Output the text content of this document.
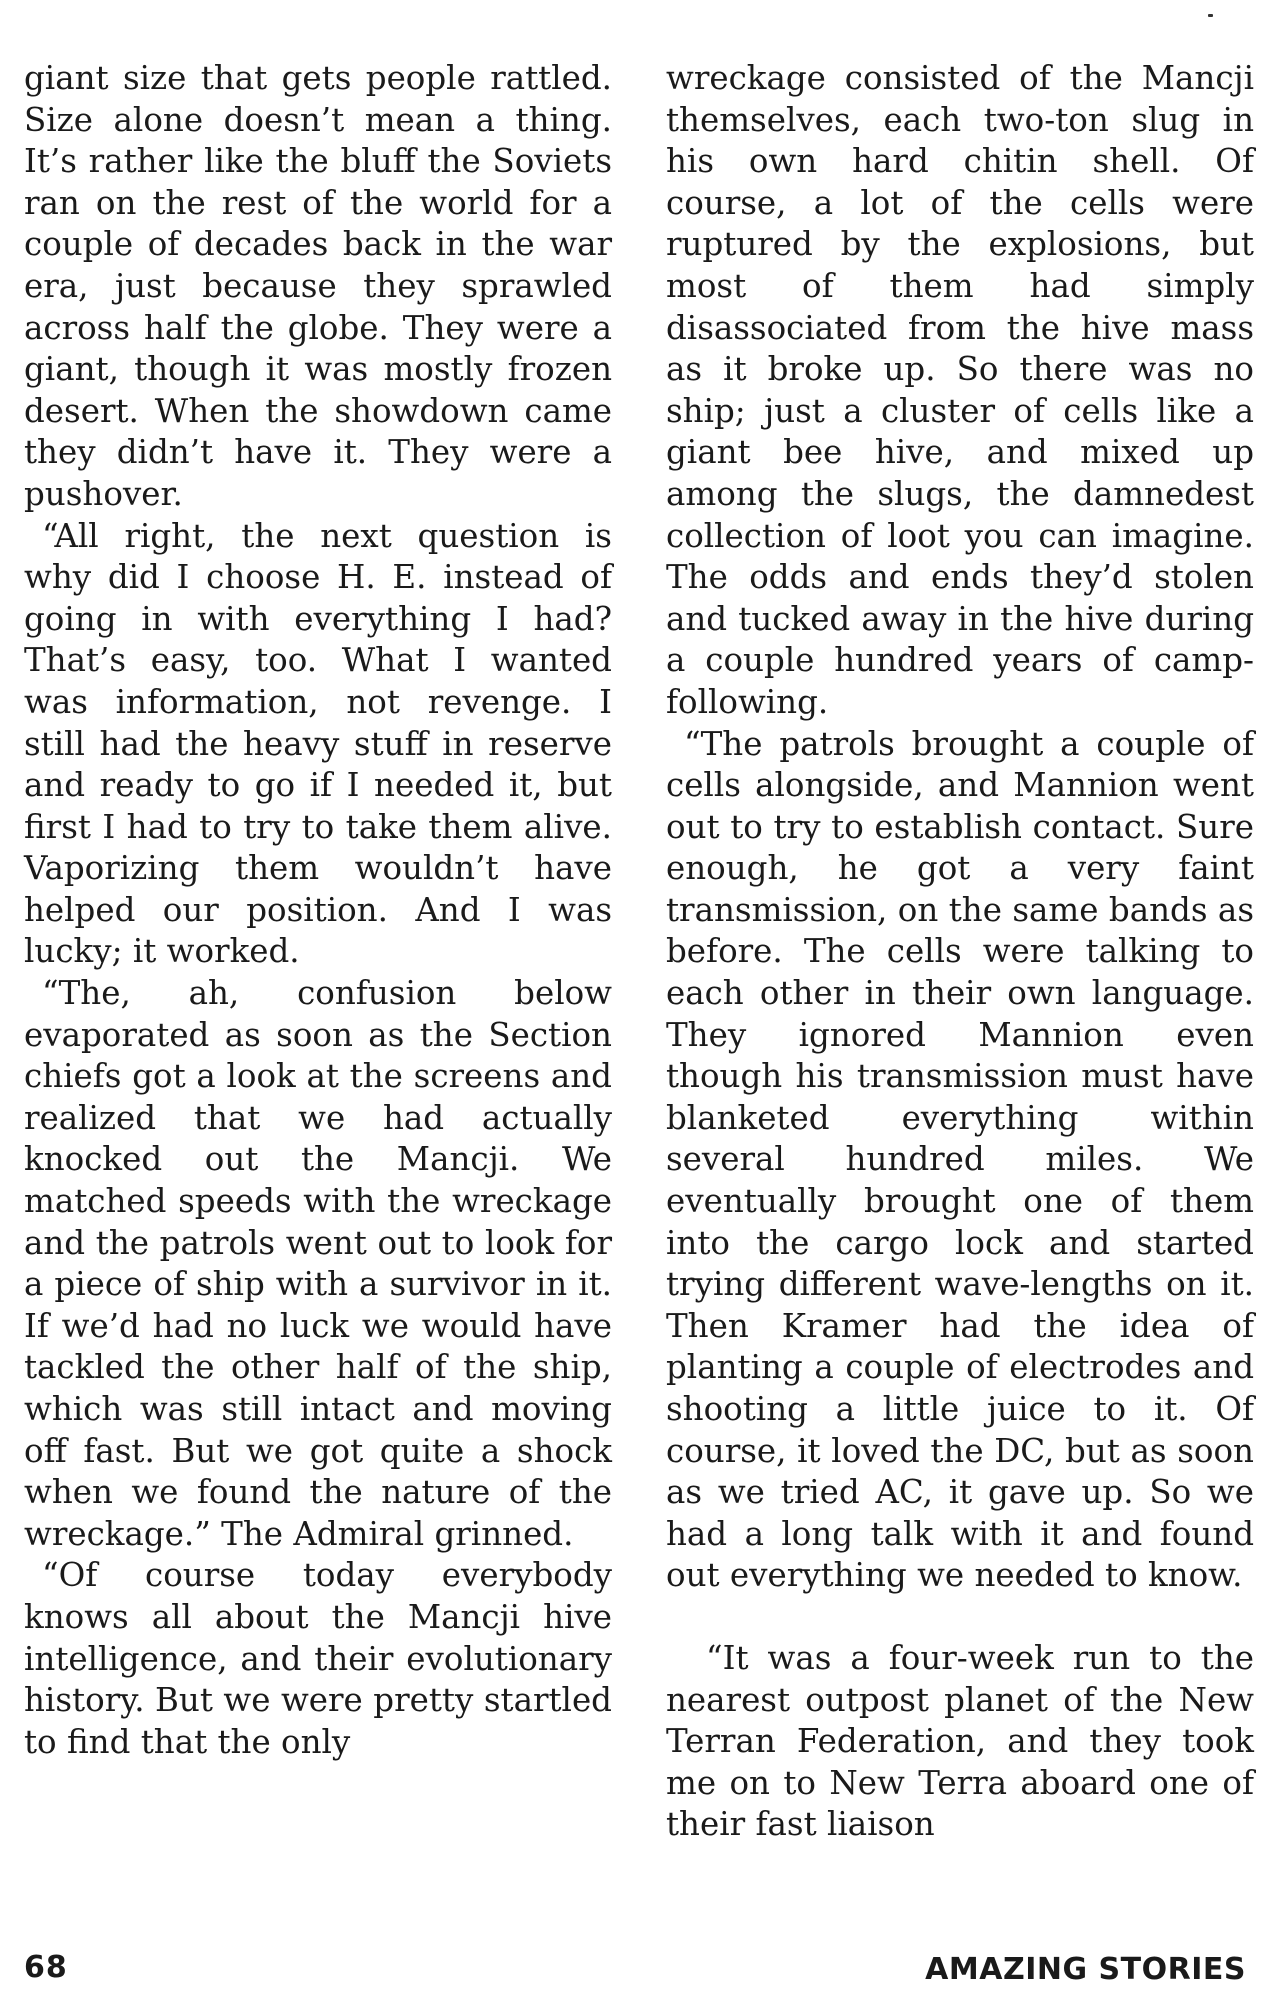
giant size that gets people rattled. Size alone doesn’t mean a thing. It’s rather like the bluff the Soviets ran on the rest of the world for a couple of decades back in the war era, just because they sprawled across half the globe. They were a giant, though it was mostly frozen desert. When the showdown came they didn’t have it. They were a pushover.

“All right, the next question is why did I choose H. E. instead of going in with everything I had? That’s easy, too. What I wanted was information, not revenge. I still had the heavy stuff in reserve and ready to go if I needed it, but first I had to try to take them alive. Vaporizing them wouldn’t have helped our position. And I was lucky; it worked.

“The, ah, confusion below evaporated as soon as the Section chiefs got a look at the screens and realized that we had actually knocked out the Mancji. We matched speeds with the wreckage and the patrols went out to look for a piece of ship with a survivor in it. If we’d had no luck we would have tackled the other half of the ship, which was still intact and moving off fast. But we got quite a shock when we found the nature of the wreckage.” The Admiral grinned.

“Of course today everybody knows all about the Mancji hive intelligence, and their evolutionary history. But we were pretty startled to find that the only

wreckage consisted of the Mancji themselves, each two-ton slug in his own hard chitin shell. Of course, a lot of the cells were ruptured by the explosions, but most of them had simply disassociated from the hive mass as it broke up. So there was no ship; just a cluster of cells like a giant bee hive, and mixed up among the slugs, the damnedest collection of loot you can imagine. The odds and ends they’d stolen and tucked away in the hive during a couple hundred years of camp-following.

“The patrols brought a couple of cells alongside, and Mannion went out to try to establish contact. Sure enough, he got a very faint transmission, on the same bands as before. The cells were talking to each other in their own language. They ignored Mannion even though his transmission must have blanketed everything within several hundred miles. We eventually brought one of them into the cargo lock and started trying different wave-lengths on it. Then Kramer had the idea of planting a couple of electrodes and shooting a little juice to it. Of course, it loved the DC, but as soon as we tried AC, it gave up. So we had a long talk with it and found out everything we needed to know.

“It was a four-week run to the nearest outpost planet of the New Terran Federation, and they took me on to New Terra aboard one of their fast liaison

68	AMAZING STORIES
